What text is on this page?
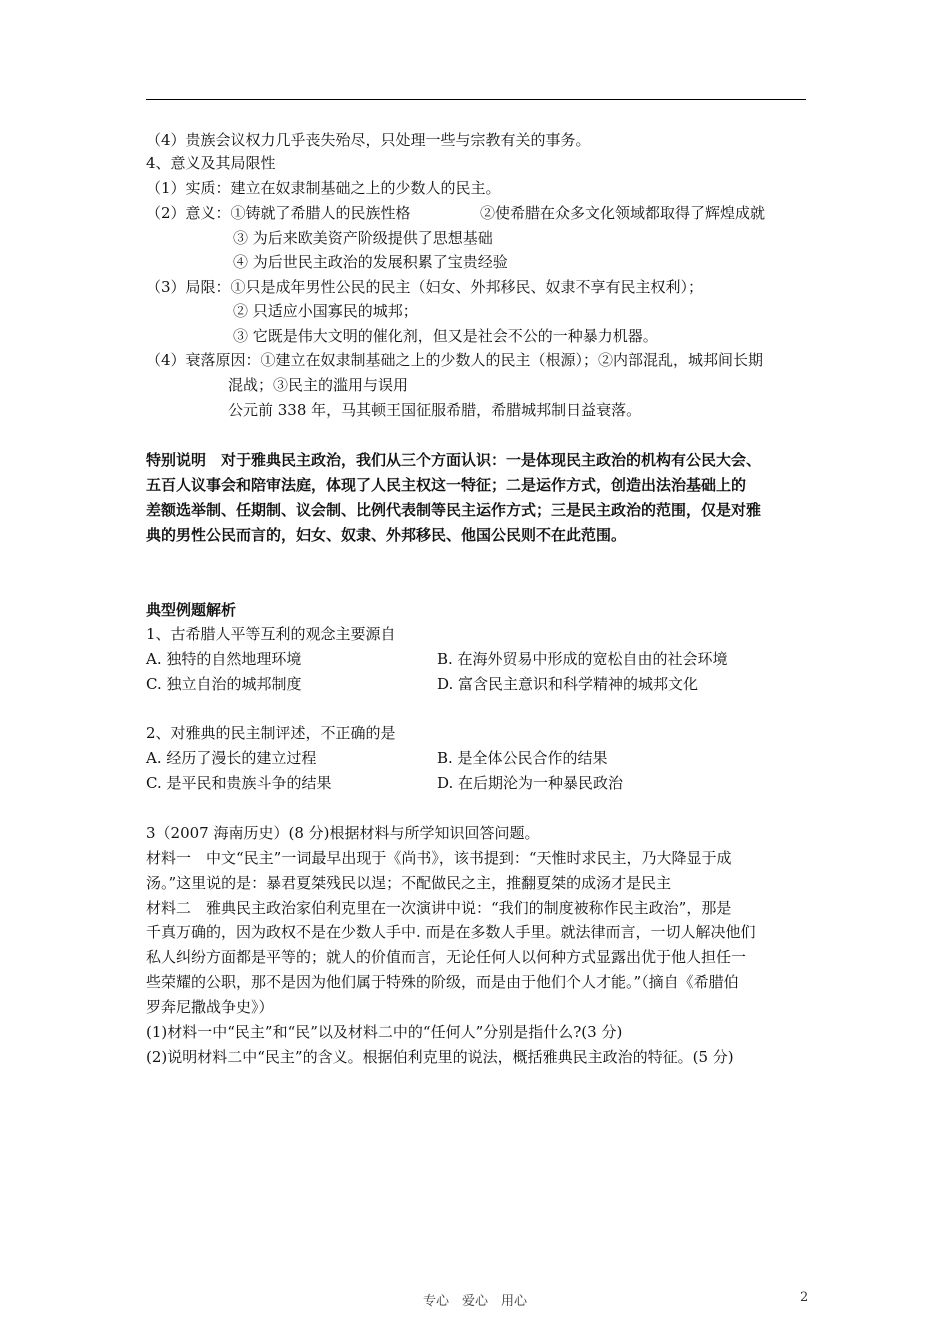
（4）贵族会议权力几乎丧失殆尽，只处理一些与宗教有关的事务。
4、意义及其局限性
（1）实质：建立在奴隶制基础之上的少数人的民主。
（2）意义：①铸就了希腊人的民族性格	②使希腊在众多文化领域都取得了辉煌成就
③ 为后来欧美资产阶级提供了思想基础
④ 为后世民主政治的发展积累了宝贵经验
（3）局限：①只是成年男性公民的民主（妇女、外邦移民、奴隶不享有民主权利）；
② 只适应小国寡民的城邦；
③ 它既是伟大文明的催化剂，但又是社会不公的一种暴力机器。
（4）衰落原因：①建立在奴隶制基础之上的少数人的民主（根源）；②内部混乱，城邦间长期
混战；③民主的滥用与误用
公元前 338 年，马其顿王国征服希腊，希腊城邦制日益衰落。
特别说明　对于雅典民主政治，我们从三个方面认识：一是体现民主政治的机构有公民大会、
五百人议事会和陪审法庭，体现了人民主权这一特征；二是运作方式，创造出法治基础上的
差额选举制、任期制、议会制、比例代表制等民主运作方式；三是民主政治的范围，仅是对雅
典的男性公民而言的，妇女、奴隶、外邦移民、他国公民则不在此范围。
典型例题解析
1、古希腊人平等互利的观念主要源自
A. 独特的自然地理环境	B. 在海外贸易中形成的宽松自由的社会环境
C. 独立自治的城邦制度	D. 富含民主意识和科学精神的城邦文化
2、对雅典的民主制评述，不正确的是
A. 经历了漫长的建立过程	B. 是全体公民合作的结果
C. 是平民和贵族斗争的结果	D. 在后期沦为一种暴民政治
3（2007 海南历史）(8 分)根据材料与所学知识回答问题。
材料一　中文“民主”一词最早出现于《尚书》，该书提到：“天惟时求民主，乃大降显于成
汤。”这里说的是：暴君夏桀残民以逞；不配做民之主，推翻夏桀的成汤才是民主
材料二　雅典民主政治家伯利克里在一次演讲中说：“我们的制度被称作民主政治”，那是
千真万确的，因为政权不是在少数人手中. 而是在多数人手里。就法律而言，一切人解决他们
私人纠纷方面都是平等的；就人的价值而言，无论任何人以何种方式显露出优于他人担任一
些荣耀的公职，那不是因为他们属于特殊的阶级，而是由于他们个人才能。”（摘自《希腊伯
罗奔尼撒战争史》）
(1)材料一中“民主”和“民”以及材料二中的“任何人”分别是指什么?(3 分)
(2)说明材料二中“民主”的含义。根据伯利克里的说法，概括雅典民主政治的特征。(5 分)
专心　爱心　用心	2
